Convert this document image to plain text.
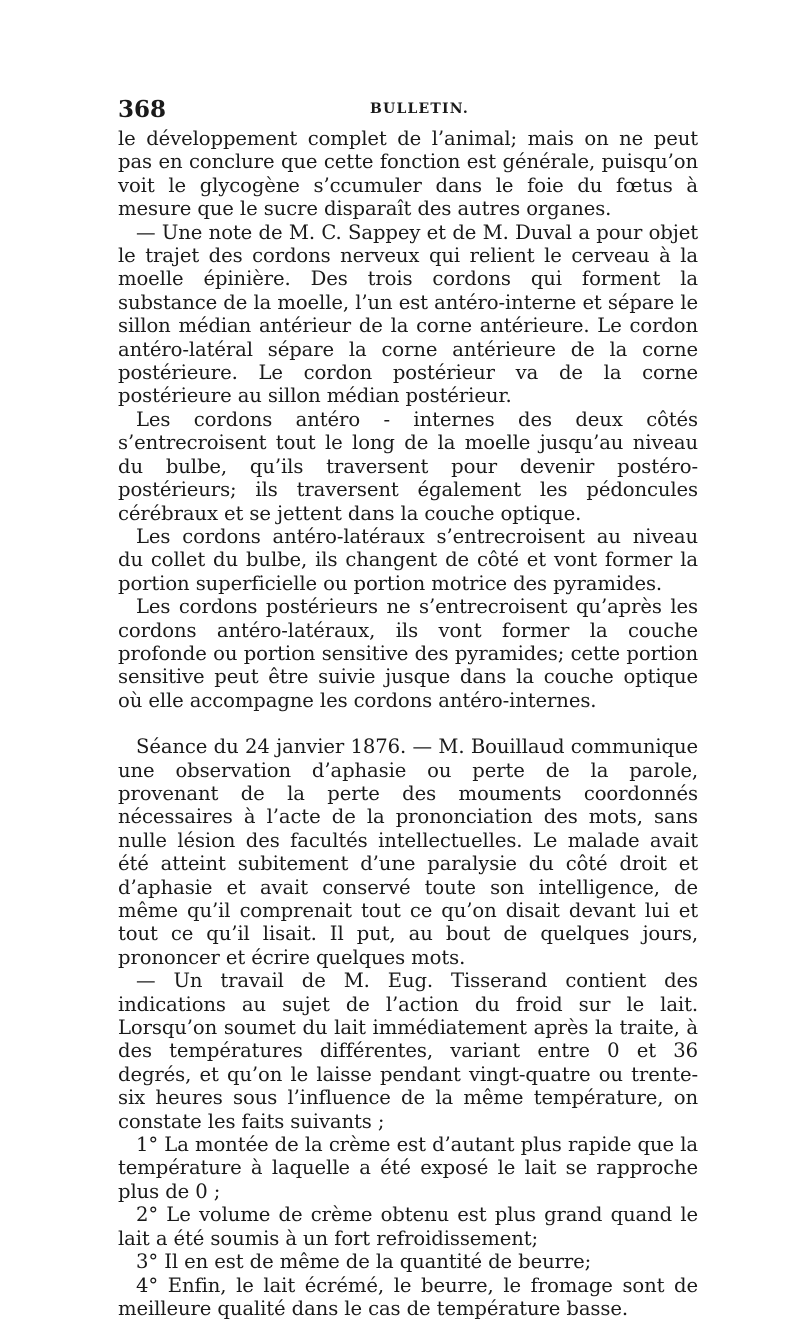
368	BULLETIN.

le développement complet de l’animal; mais on ne peut pas en conclure que cette fonction est générale, puisqu’on voit le glycogène s’ccumuler dans le foie du fœtus à mesure que le sucre disparaît des autres organes.

— Une note de M. C. Sappey et de M. Duval a pour objet le trajet des cordons nerveux qui relient le cerveau à la moelle épinière. Des trois cordons qui forment la substance de la moelle, l’un est antéro-interne et sépare le sillon médian antérieur de la corne antérieure. Le cordon antéro-latéral sépare la corne antérieure de la corne postérieure. Le cordon postérieur va de la corne postérieure au sillon médian postérieur.

Les cordons antéro - internes des deux côtés s’entrecroisent tout le long de la moelle jusqu’au niveau du bulbe, qu’ils traversent pour devenir postéro-postérieurs; ils traversent également les pédoncules cérébraux et se jettent dans la couche optique.

Les cordons antéro-latéraux s’entrecroisent au niveau du collet du bulbe, ils changent de côté et vont former la portion superficielle ou portion motrice des pyramides.

Les cordons postérieurs ne s’entrecroisent qu’après les cordons antéro-latéraux, ils vont former la couche profonde ou portion sensitive des pyramides; cette portion sensitive peut être suivie jusque dans la couche optique où elle accompagne les cordons antéro-internes.

Séance du 24 janvier 1876. — M. Bouillaud communique une observation d’aphasie ou perte de la parole, provenant de la perte des mouments coordonnés nécessaires à l’acte de la prononciation des mots, sans nulle lésion des facultés intellectuelles. Le malade avait été atteint subitement d’une paralysie du côté droit et d’aphasie et avait conservé toute son intelligence, de même qu’il comprenait tout ce qu’on disait devant lui et tout ce qu’il lisait. Il put, au bout de quelques jours, prononcer et écrire quelques mots.

— Un travail de M. Eug. Tisserand contient des indications au sujet de l’action du froid sur le lait. Lorsqu’on soumet du lait immédiatement après la traite, à des températures différentes, variant entre 0 et 36 degrés, et qu’on le laisse pendant vingt-quatre ou trente-six heures sous l’influence de la même température, on constate les faits suivants ;

1° La montée de la crème est d’autant plus rapide que la température à laquelle a été exposé le lait se rapproche plus de 0 ;

2° Le volume de crème obtenu est plus grand quand le lait a été soumis à un fort refroidissement;

3° Il en est de même de la quantité de beurre;

4° Enfin, le lait écrémé, le beurre, le fromage sont de meilleure qualité dans le cas de température basse.
